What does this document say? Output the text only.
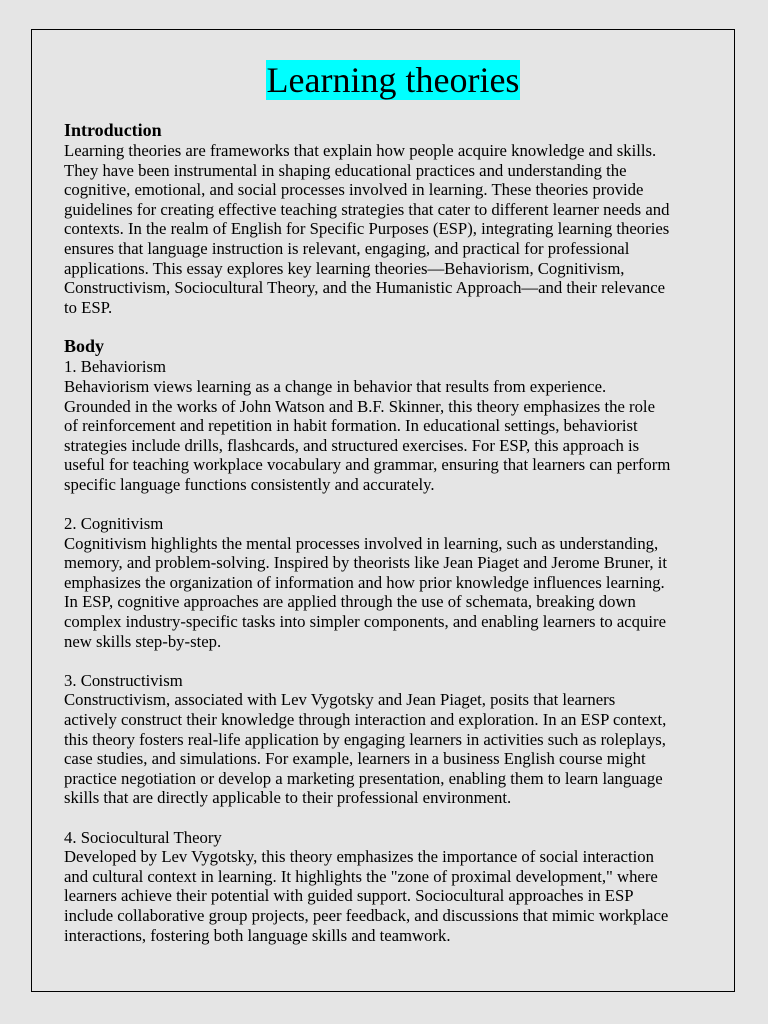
Learning theories

Introduction

Learning theories are frameworks that explain how people acquire knowledge and skills.
They have been instrumental in shaping educational practices and understanding the
cognitive, emotional, and social processes involved in learning. These theories provide
guidelines for creating effective teaching strategies that cater to different learner needs and
contexts. In the realm of English for Specific Purposes (ESP), integrating learning theories
ensures that language instruction is relevant, engaging, and practical for professional
applications. This essay explores key learning theories—Behaviorism, Cognitivism,
Constructivism, Sociocultural Theory, and the Humanistic Approach—and their relevance
to ESP.

Body

1. Behaviorism

Behaviorism views learning as a change in behavior that results from experience.
Grounded in the works of John Watson and B.F. Skinner, this theory emphasizes the role
of reinforcement and repetition in habit formation. In educational settings, behaviorist
strategies include drills, flashcards, and structured exercises. For ESP, this approach is
useful for teaching workplace vocabulary and grammar, ensuring that learners can perform
specific language functions consistently and accurately.

2. Cognitivism

Cognitivism highlights the mental processes involved in learning, such as understanding,
memory, and problem-solving. Inspired by theorists like Jean Piaget and Jerome Bruner, it
emphasizes the organization of information and how prior knowledge influences learning.
In ESP, cognitive approaches are applied through the use of schemata, breaking down
complex industry-specific tasks into simpler components, and enabling learners to acquire
new skills step-by-step.

3. Constructivism

Constructivism, associated with Lev Vygotsky and Jean Piaget, posits that learners
actively construct their knowledge through interaction and exploration. In an ESP context,
this theory fosters real-life application by engaging learners in activities such as roleplays,
case studies, and simulations. For example, learners in a business English course might
practice negotiation or develop a marketing presentation, enabling them to learn language
skills that are directly applicable to their professional environment.

4. Sociocultural Theory

Developed by Lev Vygotsky, this theory emphasizes the importance of social interaction
and cultural context in learning. It highlights the "zone of proximal development," where
learners achieve their potential with guided support. Sociocultural approaches in ESP
include collaborative group projects, peer feedback, and discussions that mimic workplace
interactions, fostering both language skills and teamwork.
